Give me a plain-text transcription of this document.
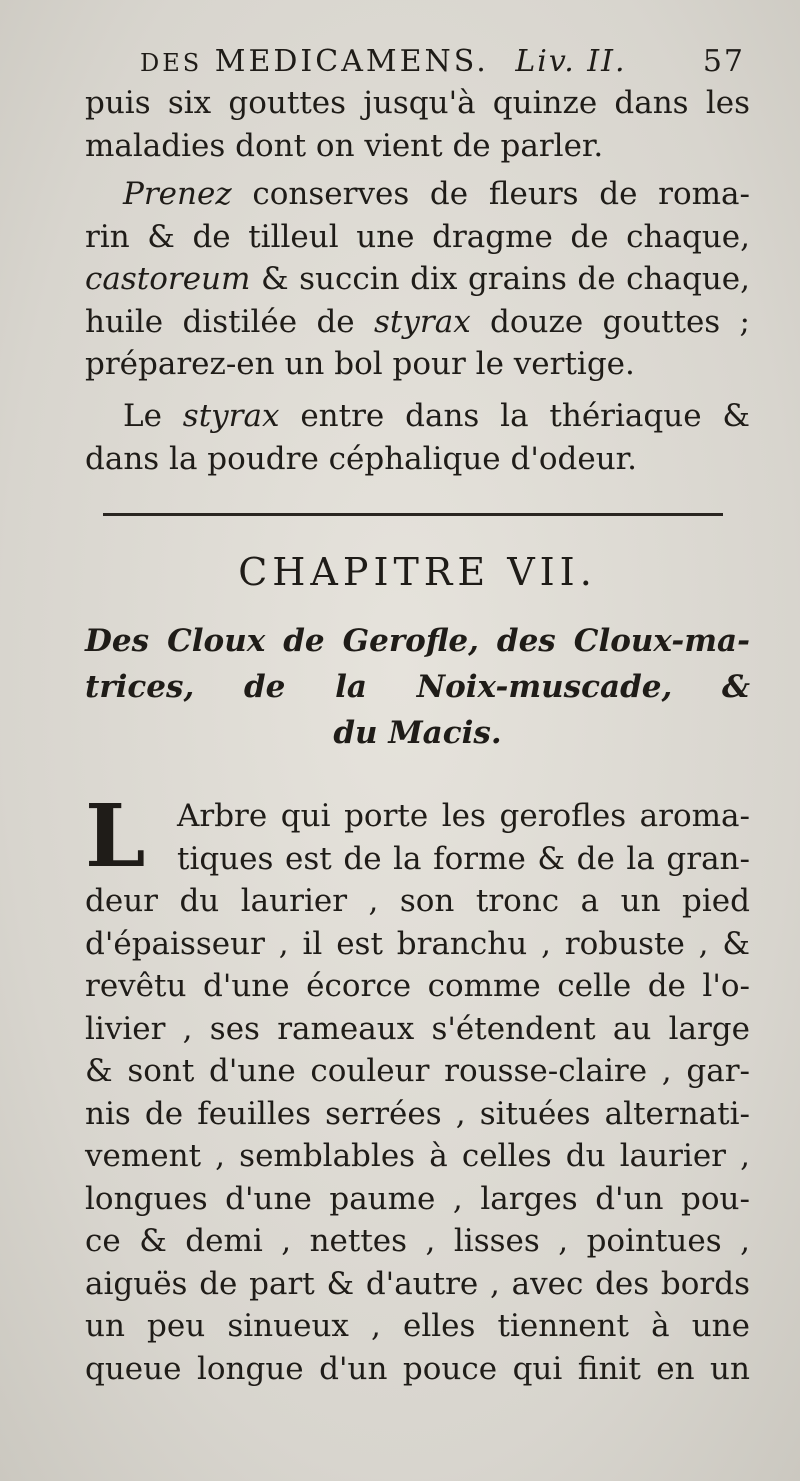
DES MEDICAMENS. Liv. II.	57
puis six gouttes jusqu'à quinze dans les
maladies dont on vient de parler.
Prenez conserves de fleurs de roma-
rin & de tilleul une dragme de chaque,
castoreum & succin dix grains de chaque,
huile distilée de styrax douze gouttes ;
préparez-en un bol pour le vertige.
Le styrax entre dans la thériaque &
dans la poudre céphalique d'odeur.
CHAPITRE VII.
Des Cloux de Gerofle, des Cloux-ma-
trices, de la Noix-muscade, &
du Macis.
L	Arbre qui porte les gerofles aroma-
tiques est de la forme & de la gran-
deur du laurier , son tronc a un pied
d'épaisseur , il est branchu , robuste , &
revêtu d'une écorce comme celle de l'o-
livier , ses rameaux s'étendent au large
& sont d'une couleur rousse-claire , gar-
nis de feuilles serrées , situées alternati-
vement , semblables à celles du laurier ,
longues d'une paume , larges d'un pou-
ce & demi , nettes , lisses , pointues ,
aiguës de part & d'autre , avec des bords
un peu sinueux , elles tiennent à une
queue longue d'un pouce qui finit en un
